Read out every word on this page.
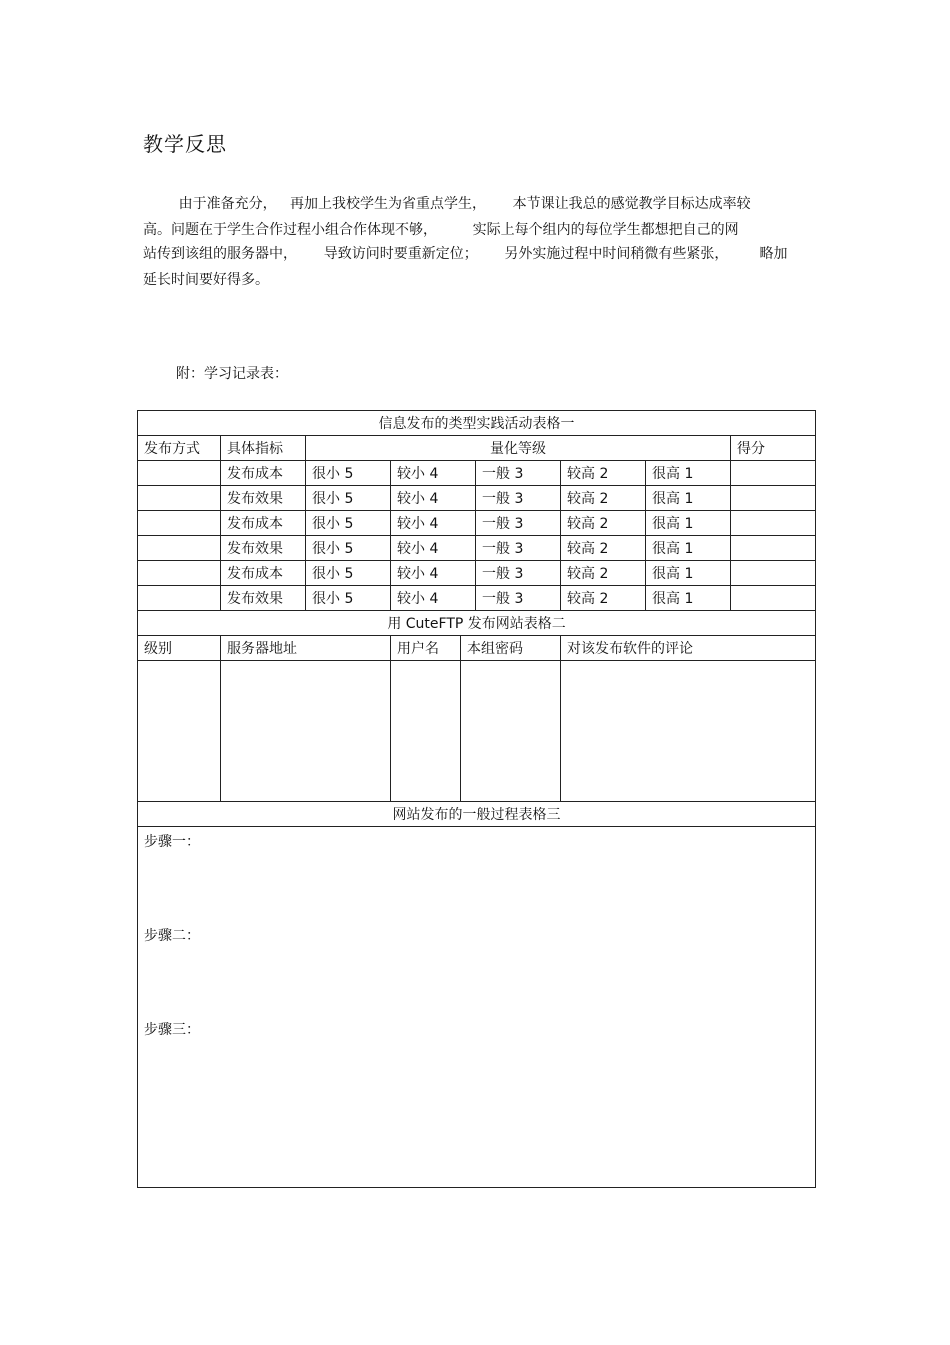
教学反思
由于准备充分，   再加上我校学生为省重点学生，      本节课让我总的感觉教学目标达成率较
高。问题在于学生合作过程小组合作体现不够，        实际上每个组内的每位学生都想把自己的网
站传到该组的服务器中，      导致访问时要重新定位；      另外实施过程中时间稍微有些紧张，       略加
延长时间要好得多。
附：学习记录表：
信息发布的类型实践活动表格一								
发布方式	具体指标	量化等级						得分
	发布成本	很小 5	较小 4		一般 3	较高 2	很高 1	
	发布效果	很小 5	较小 4		一般 3	较高 2	很高 1	
	发布成本	很小 5	较小 4		一般 3	较高 2	很高 1	
	发布效果	很小 5	较小 4		一般 3	较高 2	很高 1	
	发布成本	很小 5	较小 4		一般 3	较高 2	很高 1	
	发布效果	很小 5	较小 4		一般 3	较高 2	很高 1	
用 CuteFTP 发布网站表格二								
级别	服务器地址		用户名	本组密码		对该发布软件的评论		

网站发布的一般过程表格三								

步骤一：
步骤二：
步骤三：								
